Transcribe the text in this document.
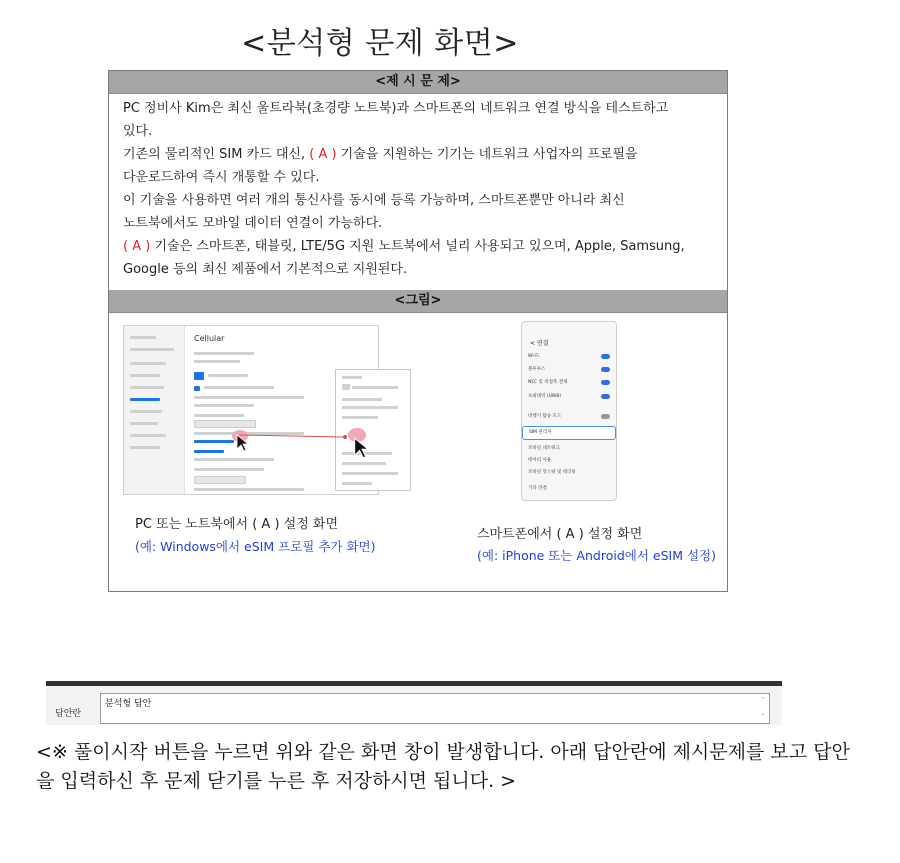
<분석형 문제 화면>
<제 시 문 제>

PC 정비사 Kim은 최신 울트라북(초경량 노트북)과 스마트폰의 네트워크 연결 방식을 테스트하고

있다.

기존의 물리적인 SIM 카드 대신, ( A ) 기술을 지원하는 기기는 네트워크 사업자의 프로필을

다운로드하여 즉시 개통할 수 있다.

이 기술을 사용하면 여러 개의 통신사를 동시에 등록 가능하며, 스마트폰뿐만 아니라 최신

노트북에서도 모바일 데이터 연결이 가능하다.

( A ) 기술은 스마트폰, 태블릿, LTE/5G 지원 노트북에서 널리 사용되고 있으며, Apple, Samsung,

Google 등의 최신 제품에서 기본적으로 지원된다.

<그림>
Cellular
< 연결
Wi-Fi
블루투스
NFC 및 비접촉 결제
초광대역 (UWB)
비행기 탑승 모드
SIM 관리자
모바일 네트워크
데이터 사용
모바일 핫스팟 및 테더링
기타 연결
PC 또는 노트북에서 ( A ) 설정 화면
(예: Windows에서 eSIM 프로필 추가 화면)
스마트폰에서 ( A ) 설정 화면
(예: iPhone 또는 Android에서 eSIM 설정)
답안란
분석형 답안
⌃
⌄
<※ 풀이시작 버튼을 누르면 위와 같은 화면 창이 발생합니다. 아래 답안란에 제시문제를 보고 답안을 입력하신 후 문제 닫기를 누른 후 저장하시면 됩니다. >
